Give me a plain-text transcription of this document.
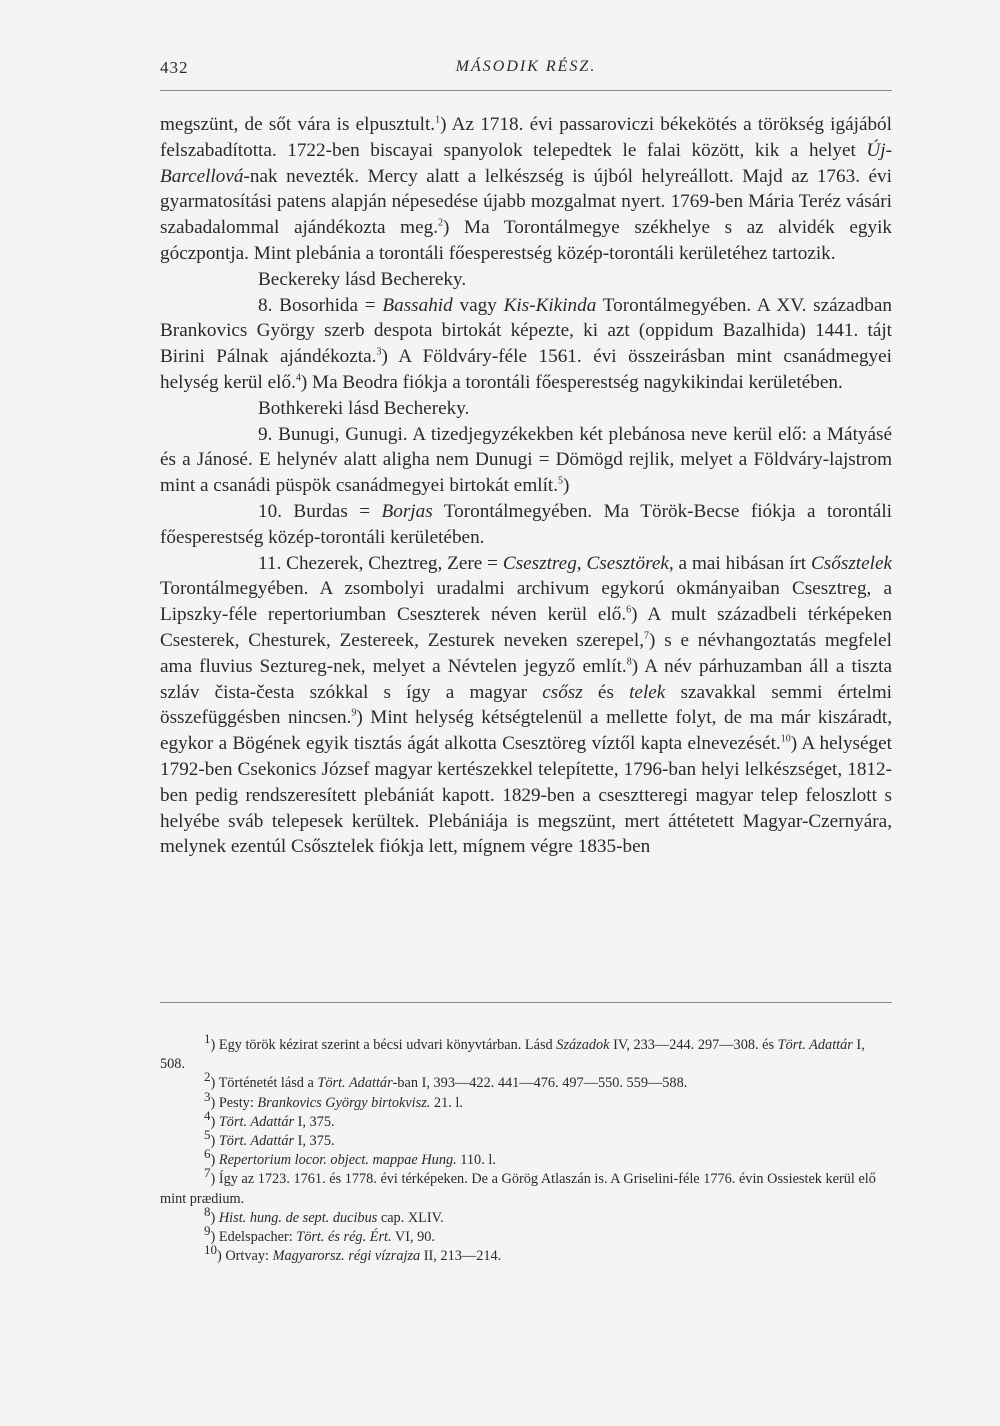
432	MÁSODIK RÉSZ.

megszünt, de sőt vára is elpusztult.$^1$) Az 1718. évi passaroviczi békekötés a törökség igájából felszabadította. 1722-ben biscayai spanyolok telepedtek le falai között, kik a helyet Új-Barcellová-nak nevezték. Mercy alatt a lelkészség is újból helyreállott. Majd az 1763. évi gyarmatosítási patens alapján népesedése újabb mozgalmat nyert. 1769-ben Mária Teréz vásári szabadalommal ajándékozta meg.$^2$) Ma Torontálmegye székhelye s az alvidék egyik góczpontja. Mint plebánia a torontáli főesperestség közép-torontáli kerületéhez tartozik.

Beckereky lásd Bechereky.

8. Bosorhida = Bassahid vagy Kis-Kikinda Torontálmegyében. A XV. században Brankovics György szerb despota birtokát képezte, ki azt (oppidum Bazalhida) 1441. tájt Birini Pálnak ajándékozta.$^3$) A Földváry-féle 1561. évi összeirásban mint csanádmegyei helység kerül elő.$^4$) Ma Beodra fiókja a torontáli főesperestség nagykikindai kerületében.

Bothkereki lásd Bechereky.

9. Bunugi, Gunugi. A tizedjegyzékekben két plebánosa neve kerül elő: a Mátyásé és a Jánosé. E helynév alatt aligha nem Dunugi = Dömögd rejlik, melyet a Földváry-lajstrom mint a csanádi püspök csanádmegyei birtokát említ.$^5$)

10. Burdas = Borjas Torontálmegyében. Ma Török-Becse fiókja a torontáli főesperestség közép-torontáli kerületében.

11. Chezerek, Cheztreg, Zere = Csesztreg, Csesztörek, a mai hibásan írt Csősztelek Torontálmegyében. A zsombolyi uradalmi archivum egykorú okmányaiban Csesztreg, a Lipszky-féle repertoriumban Cseszterek néven kerül elő.$^6$) A mult századbeli térképeken Csesterek, Chesturek, Zestereek, Zesturek neveken szerepel,$^7$) s e névhangoztatás megfelel ama fluvius Seztureg-nek, melyet a Névtelen jegyző említ.$^8$) A név párhuzamban áll a tiszta szláv čista-česta szókkal s így a magyar csősz és telek szavakkal semmi értelmi összefüggésben nincsen.$^9$) Mint helység kétségtelenül a mellette folyt, de ma már kiszáradt, egykor a Bögének egyik tisztás ágát alkotta Csesztöreg víztől kapta elnevezését.$^{10}$) A helységet 1792-ben Csekonics József magyar kertészekkel telepítette, 1796-ban helyi lelkészséget, 1812-ben pedig rendszeresített plebániát kapott. 1829-ben a csesztteregi magyar telep feloszlott s helyébe sváb telepesek kerültek. Plebániája is megszünt, mert áttétetett Magyar-Czernyára, melynek ezentúl Csősztelek fiókja lett, mígnem végre 1835-ben

$^1$) Egy török kézirat szerint a bécsi udvari könyvtárban. Lásd Századok IV, 233—244. 297—308. és Tört. Adattár I, 508.

$^2$) Történetét lásd a Tört. Adattár-ban I, 393—422. 441—476. 497—550. 559—588.

$^3$) Pesty: Brankovics György birtokvisz. 21. l.

$^4$) Tört. Adattár I, 375.

$^5$) Tört. Adattár I, 375.

$^6$) Repertorium locor. object. mappae Hung. 110. l.

$^7$) Így az 1723. 1761. és 1778. évi térképeken. De a Görög Atlaszán is. A Griselini-féle 1776. évin Ossiestek kerül elő mint prædium.

$^8$) Hist. hung. de sept. ducibus cap. XLIV.

$^9$) Edelspacher: Tört. és rég. Ért. VI, 90.

$^{10}$) Ortvay: Magyarorsz. régi vízrajza II, 213—214.
